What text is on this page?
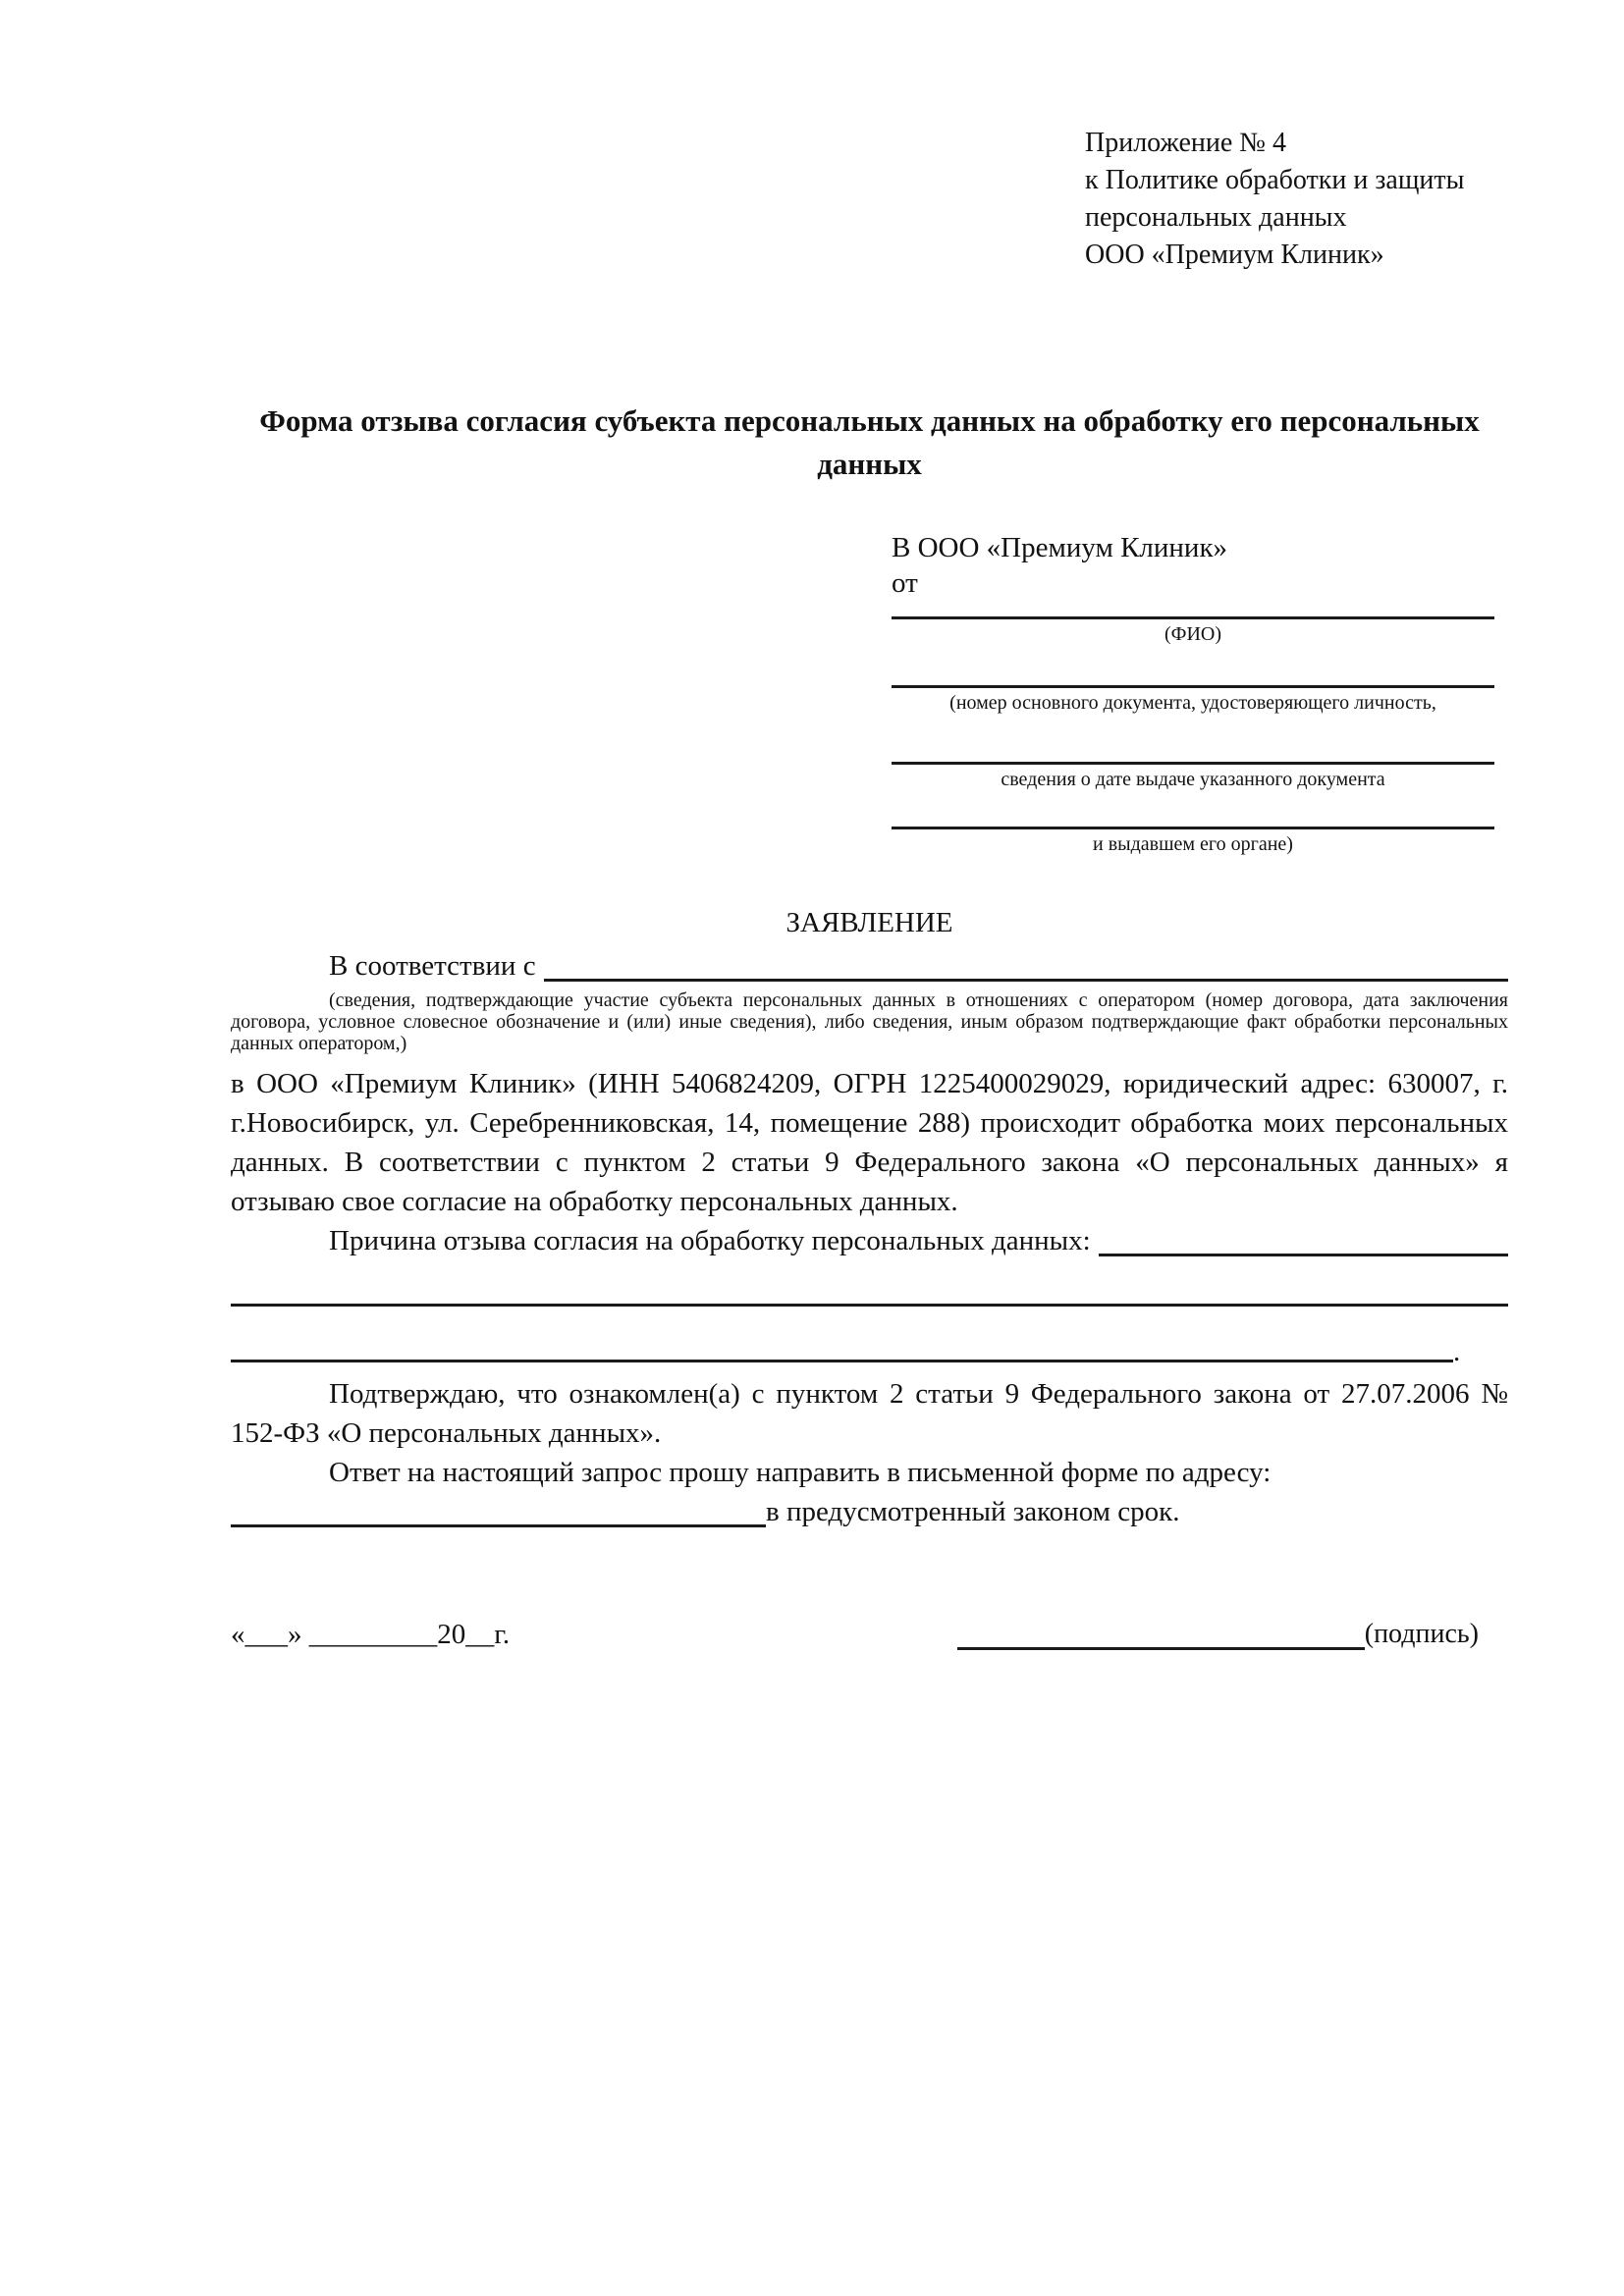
Приложение № 4
к Политике обработки и защиты
персональных данных
ООО «Премиум Клиник»
Форма отзыва согласия субъекта персональных данных на обработку его персональных данных
В ООО «Премиум Клиник»
от
(ФИО)
(номер основного документа, удостоверяющего личность,
сведения о дате выдаче указанного документа
и выдавшем его органе)
ЗАЯВЛЕНИЕ
В соответствии с
(сведения, подтверждающие участие субъекта персональных данных в отношениях с оператором (номер договора, дата заключения договора, условное словесное обозначение и (или) иные сведения), либо сведения, иным образом подтверждающие факт обработки персональных данных оператором,)

в ООО «Премиум Клиник» (ИНН 5406824209, ОГРН 1225400029029, юридический адрес: 630007, г. г.Новосибирск, ул. Серебренниковская, 14, помещение 288) происходит обработка моих персональных данных. В соответствии с пунктом 2 статьи 9 Федерального закона «О персональных данных» я отзываю свое согласие на обработку персональных данных.

Причина отзыва согласия на обработку персональных данных:
.

Подтверждаю, что ознакомлен(а) с пунктом 2 статьи 9 Федерального закона от 27.07.2006 № 152-ФЗ «О персональных данных».

Ответ на настоящий запрос прошу направить в письменной форме по адресу:

в предусмотренный законом срок.
«___» _________20__г.	(подпись)
